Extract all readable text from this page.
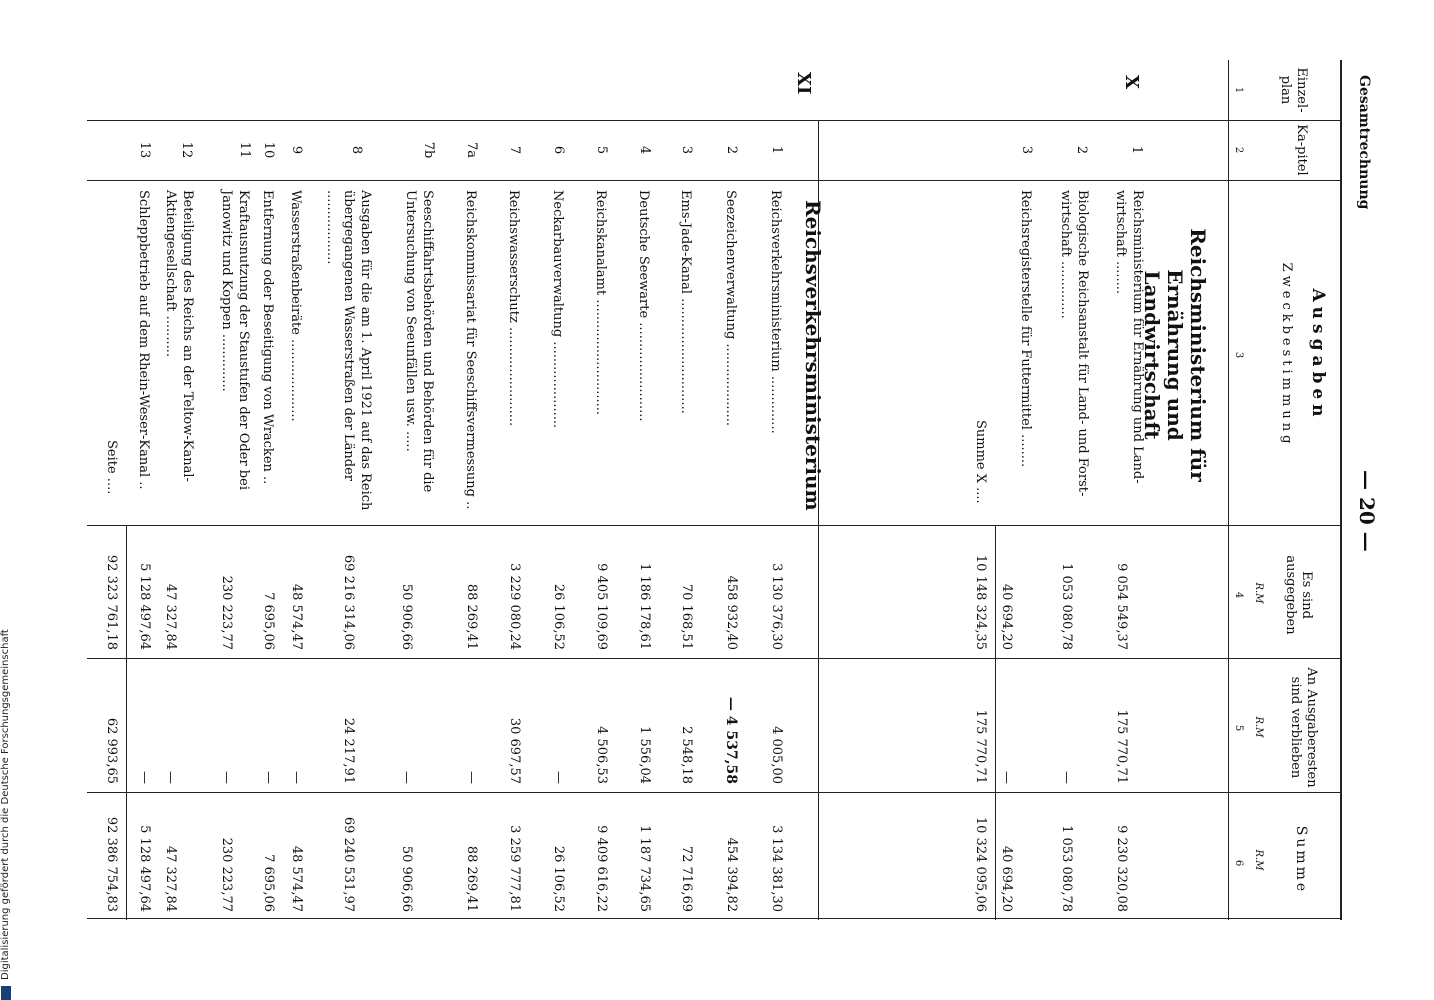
Gesamtrechnung
— 20 —
Einzel-plan
Ka-pitel
Ausgaben
Zweckbestimmung
Es sind ausgegeben
An Ausgaberesten sind verblieben
Summe
R.M
R.M
R.M
1
2
3
4
5
6
X
Reichsministerium für Ernährung und Landwirtschaft
1
Reichsministerium für Ernährung und Land-wirtschaft ........
9 054 549,37
175 770,71
9 230 320,08
2
Biologische Reichsanstalt für Land- und Forst-wirtschaft ..............
1 053 080,78
—
1 053 080,78
3
Reichsregisterstelle für Futtermittel ........
40 694,20
—
40 694,20
Summe X ....
10 148 324,35
175 770,71
10 324 095,06
XI
Reichsverkehrsministerium
1
Reichsverkehrsministerium ..............
3 130 376,30
4 005,00
3 134 381,30
2
Seezeichenverwaltung ....................
458 932,40
— 4 537,58
454 394,82
3
Ems-Jade-Kanal ............................
70 168,51
2 548,18
72 716,69
4
Deutsche Seewarte ........................
1 186 178,61
1 556,04
1 187 734,65
5
Reichskanalamt ............................
9 405 109,69
4 506,53
9 409 616,22
6
Neckarbauverwaltung .....................
26 106,52
—
26 106,52
7
Reichswasserschutz ........................
3 229 080,24
30 697,57
3 259 777,81
7a
Reichskommissariat für Seeschiffsvermessung ..
88 269,41
—
88 269,41
7b
Seeschiffahrtsbehörden und Behörden für die Untersuchung von Seeunfällen usw. .....
50 906,66
—
50 906,66
8
Ausgaben für die am 1. April 1921 auf das Reich übergegangenen Wasserstraßen der Länder ..................
69 216 314,06
24 217,91
69 240 531,97
9
Wasserstraßenbeiräte ....................
48 574,47
—
48 574,47
10
Entfernung oder Beseitigung von Wracken ..
7 695,06
—
7 695,06
11
Kraftausnutzung der Staustufen der Oder bei Janowitz und Koppen ..............
230 223,77
—
230 223,77
12
Beteiligung des Reichs an der Teltow-Kanal-Aktiengesellschaft ..........
47 327,84
—
47 327,84
13
Schleppbetrieb auf dem Rhein-Weser-Kanal ..
5 128 497,64
—
5 128 497,64
Seite ....
92 323 761,18
62 993,65
92 386 754,83
Digitalisierung gefördert durch die Deutsche Forschungsgemeinschaft
